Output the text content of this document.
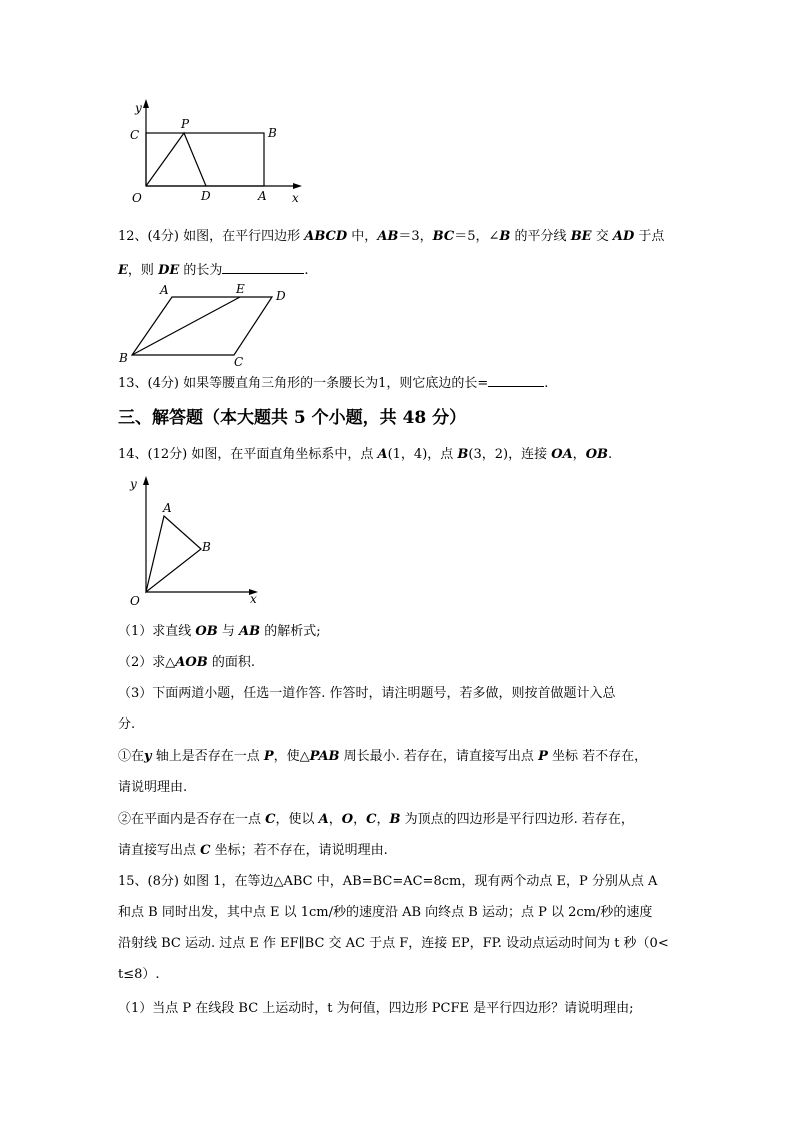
y
x
O
C
P
B
D	A
12、(4分) 如图，在平行四边形 ABCD 中，AB＝3，BC＝5，∠B 的平分线 BE 交 AD 于点
E，则 DE 的长为	.
A	E	D
B	C
13、(4分) 如果等腰直角三角形的一条腰长为1，则它底边的长=	.
三、解答题（本大题共 5 个小题，共 48 分）
14、(12分) 如图，在平面直角坐标系中，点 A(1，4)，点 B(3，2)，连接 OA，OB.
y
x
O
A
B
（1）求直线 OB 与 AB 的解析式;
（2）求△AOB 的面积.
（3）下面两道小题，任选一道作答. 作答时，请注明题号，若多做，则按首做题计入总
分.
①在y 轴上是否存在一点 P，使△PAB 周长最小. 若存在，请直接写出点 P 坐标 若不存在，
请说明理由.
②在平面内是否存在一点 C，使以 A，O，C，B 为顶点的四边形是平行四边形. 若存在，
请直接写出点 C 坐标；若不存在，请说明理由.
15、(8分) 如图 1，在等边△ABC 中，AB=BC=AC=8cm，现有两个动点 E，P 分别从点 A
和点 B 同时出发，其中点 E 以 1cm/秒的速度沿 AB 向终点 B 运动；点 P 以 2cm/秒的速度
沿射线 BC 运动. 过点 E 作 EF∥BC 交 AC 于点 F，连接 EP，FP. 设动点运动时间为 t 秒（0<
t≤8）.
（1）当点 P 在线段 BC 上运动时，t 为何值，四边形 PCFE 是平行四边形？请说明理由;
